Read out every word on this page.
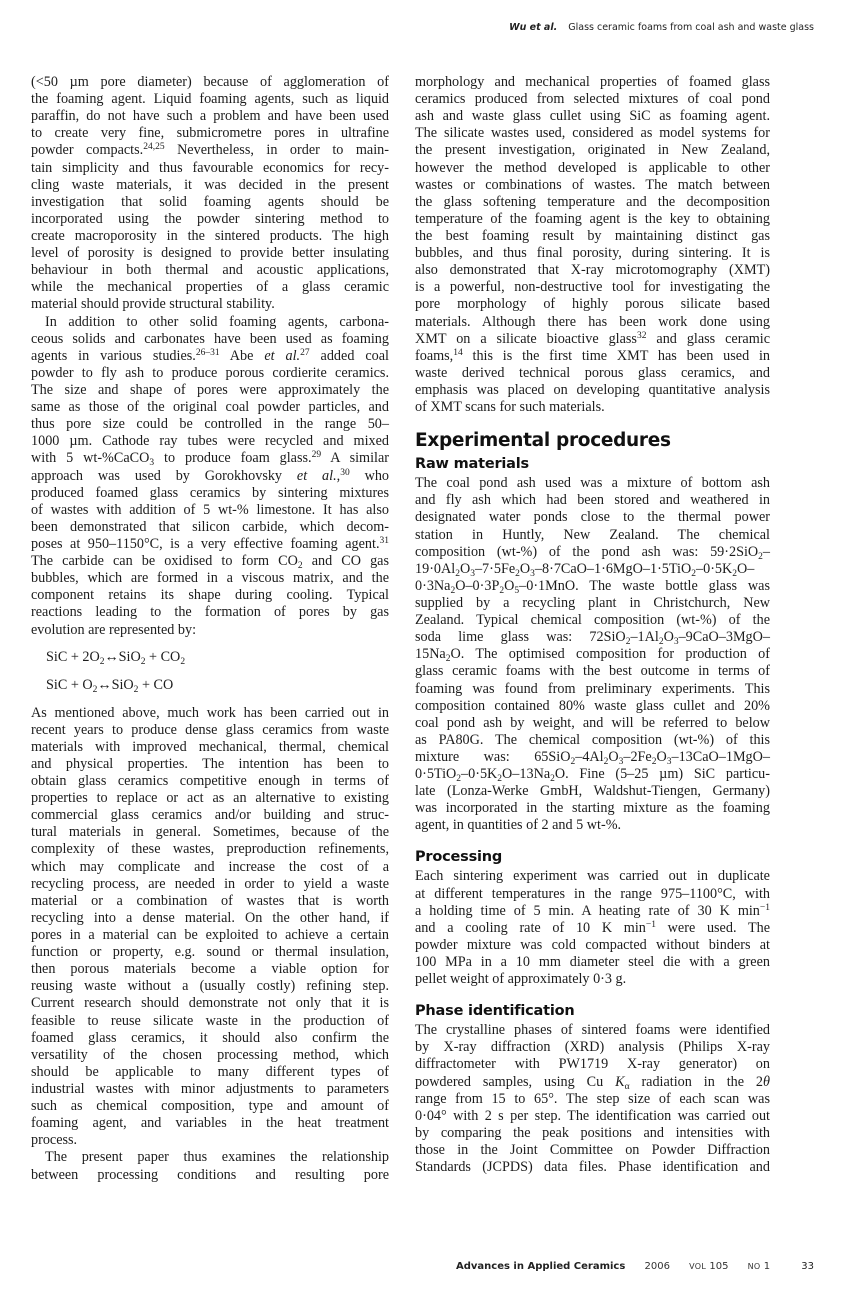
Wu et al. Glass ceramic foams from coal ash and waste glass
(<50 µm pore diameter) because of agglomeration of
the foaming agent. Liquid foaming agents, such as liquid
paraffin, do not have such a problem and have been used
to create very fine, submicrometre pores in ultrafine
powder compacts.$^{24,25}$ Nevertheless, in order to main-
tain simplicity and thus favourable economics for recy-
cling waste materials, it was decided in the present
investigation that solid foaming agents should be
incorporated using the powder sintering method to
create macroporosity in the sintered products. The high
level of porosity is designed to provide better insulating
behaviour in both thermal and acoustic applications,
while the mechanical properties of a glass ceramic
material should provide structural stability.
In addition to other solid foaming agents, carbona-
ceous solids and carbonates have been used as foaming
agents in various studies.$^{26-31}$ Abe et al.$^{27}$ added coal
powder to fly ash to produce porous cordierite ceramics.
The size and shape of pores were approximately the
same as those of the original coal powder particles, and
thus pore size could be controlled in the range 50–
1000 µm. Cathode ray tubes were recycled and mixed
with 5 wt-%CaCO$_3$ to produce foam glass.$^{29}$ A similar
approach was used by Gorokhovsky et al.,$^{30}$ who
produced foamed glass ceramics by sintering mixtures
of wastes with addition of 5 wt-% limestone. It has also
been demonstrated that silicon carbide, which decom-
poses at 950–1150°C, is a very effective foaming agent.$^{31}$
The carbide can be oxidised to form $CO_2$ and CO gas
bubbles, which are formed in a viscous matrix, and the
component retains its shape during cooling. Typical
reactions leading to the formation of pores by gas
evolution are represented by:
SiC + $2O_2\leftrightarrow SiO_2 + CO_2$
SiC + $O_2\leftrightarrow SiO_2$ + CO
As mentioned above, much work has been carried out in
recent years to produce dense glass ceramics from waste
materials with improved mechanical, thermal, chemical
and physical properties. The intention has been to
obtain glass ceramics competitive enough in terms of
properties to replace or act as an alternative to existing
commercial glass ceramics and/or building and struc-
tural materials in general. Sometimes, because of the
complexity of these wastes, preproduction refinements,
which may complicate and increase the cost of a
recycling process, are needed in order to yield a waste
material or a combination of wastes that is worth
recycling into a dense material. On the other hand, if
pores in a material can be exploited to achieve a certain
function or property, e.g. sound or thermal insulation,
then porous materials become a viable option for
reusing waste without a (usually costly) refining step.
Current research should demonstrate not only that it is
feasible to reuse silicate waste in the production of
foamed glass ceramics, it should also confirm the
versatility of the chosen processing method, which
should be applicable to many different types of
industrial wastes with minor adjustments to parameters
such as chemical composition, type and amount of
foaming agent, and variables in the heat treatment
process.
The present paper thus examines the relationship
between processing conditions and resulting pore
morphology and mechanical properties of foamed glass
ceramics produced from selected mixtures of coal pond
ash and waste glass cullet using SiC as foaming agent.
The silicate wastes used, considered as model systems for
the present investigation, originated in New Zealand,
however the method developed is applicable to other
wastes or combinations of wastes. The match between
the glass softening temperature and the decomposition
temperature of the foaming agent is the key to obtaining
the best foaming result by maintaining distinct gas
bubbles, and thus final porosity, during sintering. It is
also demonstrated that X-ray microtomography (XMT)
is a powerful, non-destructive tool for investigating the
pore morphology of highly porous silicate based
materials. Although there has been work done using
XMT on a silicate bioactive glass$^{32}$ and glass ceramic
foams,$^{14}$ this is the first time XMT has been used in
waste derived technical porous glass ceramics, and
emphasis was placed on developing quantitative analysis
of XMT scans for such materials.
Experimental procedures
Raw materials
The coal pond ash used was a mixture of bottom ash
and fly ash which had been stored and weathered in
designated water ponds close to the thermal power
station in Huntly, New Zealand. The chemical
composition (wt-%) of the pond ash was: 59·2SiO$_2$–
$19\cdot 0Al_2O_3-7\cdot 5Fe_2O_3-8\cdot 7CaO-1\cdot 6MgO-1\cdot 5TiO_2-0\cdot 5K_2O-$
$0\cdot 3Na_2O-0\cdot 3P_2O_5-0\cdot 1MnO$. The waste bottle glass was
supplied by a recycling plant in Christchurch, New
Zealand. Typical chemical composition (wt-%) of the
soda lime glass was: $72SiO_2-1Al_2O_3-9CaO-3MgO-$
$15Na_2O$. The optimised composition for production of
glass ceramic foams with the best outcome in terms of
foaming was found from preliminary experiments. This
composition contained 80% waste glass cullet and 20%
coal pond ash by weight, and will be referred to below
as PA80G. The chemical composition (wt-%) of this
mixture was: $65SiO_2-4Al_2O_3-2Fe_2O_3-13CaO-1MgO-$
$0\cdot 5TiO_2-0\cdot 5K_2O-13Na_2O$. Fine (5–25 µm) SiC particu-
late (Lonza-Werke GmbH, Waldshut-Tiengen, Germany)
was incorporated in the starting mixture as the foaming
agent, in quantities of 2 and 5 wt-%.
Processing
Each sintering experiment was carried out in duplicate
at different temperatures in the range 975–1100°C, with
a holding time of 5 min. A heating rate of 30 K $\min^{-1}$
and a cooling rate of 10 K $\min^{-1}$ were used. The
powder mixture was cold compacted without binders at
100 MPa in a 10 mm diameter steel die with a green
pellet weight of approximately 0·3 g.
Phase identification
The crystalline phases of sintered foams were identified
by X-ray diffraction (XRD) analysis (Philips X-ray
diffractometer with PW1719 X-ray generator) on
powdered samples, using Cu $K_\alpha$ radiation in the 2θ
range from 15 to 65°. The step size of each scan was
0·04° with 2 s per step. The identification was carried out
by comparing the peak positions and intensities with
those in the Joint Committee on Powder Diffraction
Standards (JCPDS) data files. Phase identification and
Advances in Applied Ceramics 2006 VOL 105 NO 1	33
